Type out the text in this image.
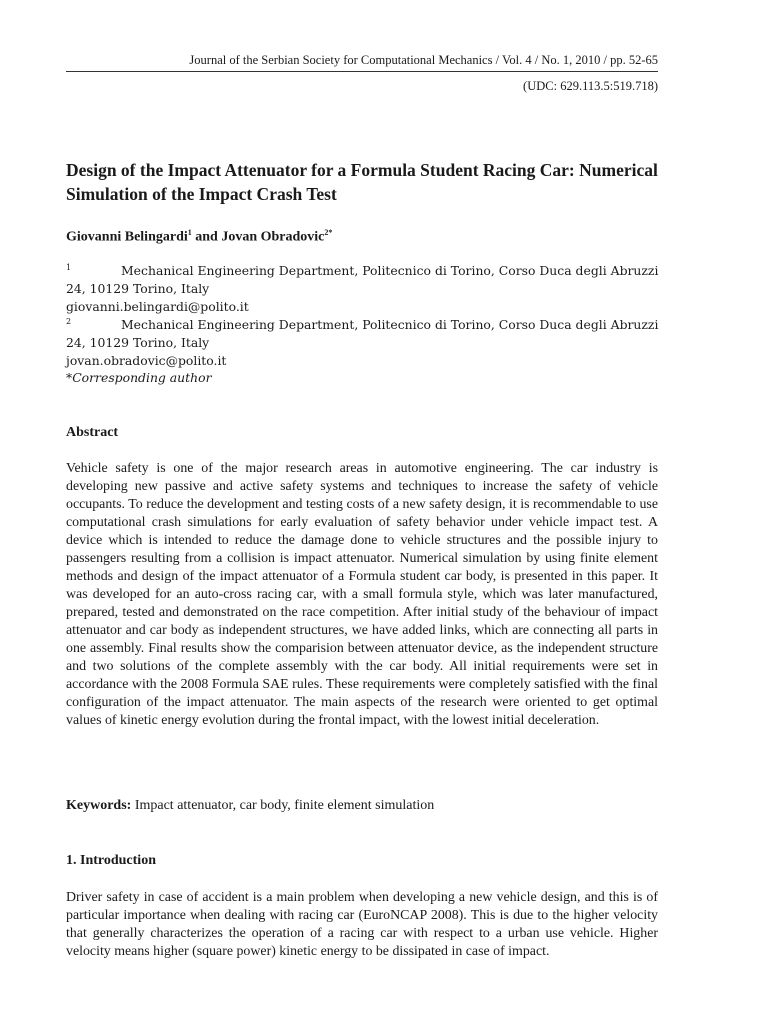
Journal of the Serbian Society for Computational Mechanics / Vol. 4 / No. 1, 2010 / pp. 52-65
(UDC: 629.113.5:519.718)
Design of the Impact Attenuator for a Formula Student Racing Car: Numerical Simulation of the Impact Crash Test
Giovanni Belingardi$^1$ and Jovan Obradovic$^{2*}$
1	Mechanical Engineering Department, Politecnico di Torino, Corso Duca degli Abruzzi
24, 10129 Torino, Italy
giovanni.belingardi@polito.it
2	Mechanical Engineering Department, Politecnico di Torino, Corso Duca degli Abruzzi
24, 10129 Torino, Italy
jovan.obradovic@polito.it
*Corresponding author
Abstract
Vehicle safety is one of the major research areas in automotive engineering. The car industry is developing new passive and active safety systems and techniques to increase the safety of vehicle occupants. To reduce the development and testing costs of a new safety design, it is recommendable to use computational crash simulations for early evaluation of safety behavior under vehicle impact test. A device which is intended to reduce the damage done to vehicle structures and the possible injury to passengers resulting from a collision is impact attenuator. Numerical simulation by using finite element methods and design of the impact attenuator of a Formula student car body, is presented in this paper. It was developed for an auto-cross racing car, with a small formula style, which was later manufactured, prepared, tested and demonstrated on the race competition. After initial study of the behaviour of impact attenuator and car body as independent structures, we have added links, which are connecting all parts in one assembly. Final results show the comparision between attenuator device, as the independent structure and two solutions of the complete assembly with the car body. All initial requirements were set in accordance with the 2008 Formula SAE rules. These requirements were completely satisfied with the final configuration of the impact attenuator. The main aspects of the research were oriented to get optimal values of kinetic energy evolution during the frontal impact, with the lowest initial deceleration.
Keywords: Impact attenuator, car body, finite element simulation
1. Introduction
Driver safety in case of accident is a main problem when developing a new vehicle design, and this is of particular importance when dealing with racing car (EuroNCAP 2008). This is due to the higher velocity that generally characterizes the operation of a racing car with respect to a urban use vehicle. Higher velocity means higher (square power) kinetic energy to be dissipated in case of impact.
